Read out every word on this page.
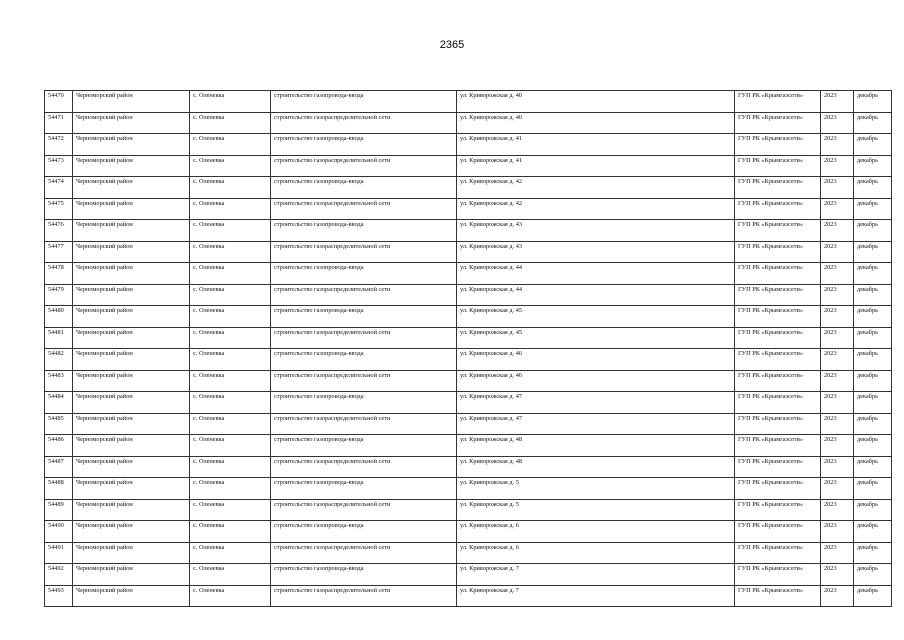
2365
54470	Черноморский район	с. Оленевка	строительство газопровода-ввода	ул. Криворожская д. 40	ГУП РК «Крымгазсети»	2023	декабрь
54471	Черноморский район	с. Оленевка	строительство газораспределительной сети	ул. Криворожская д. 40	ГУП РК «Крымгазсети»	2023	декабрь
54472	Черноморский район	с. Оленевка	строительство газопровода-ввода	ул. Криворожская д. 41	ГУП РК «Крымгазсети»	2023	декабрь
54473	Черноморский район	с. Оленевка	строительство газораспределительной сети	ул. Криворожская д. 41	ГУП РК «Крымгазсети»	2023	декабрь
54474	Черноморский район	с. Оленевка	строительство газопровода-ввода	ул. Криворожская д. 42	ГУП РК «Крымгазсети»	2023	декабрь
54475	Черноморский район	с. Оленевка	строительство газораспределительной сети	ул. Криворожская д. 42	ГУП РК «Крымгазсети»	2023	декабрь
54476	Черноморский район	с. Оленевка	строительство газопровода-ввода	ул. Криворожская д. 43	ГУП РК «Крымгазсети»	2023	декабрь
54477	Черноморский район	с. Оленевка	строительство газораспределительной сети	ул. Криворожская д. 43	ГУП РК «Крымгазсети»	2023	декабрь
54478	Черноморский район	с. Оленевка	строительство газопровода-ввода	ул. Криворожская д. 44	ГУП РК «Крымгазсети»	2023	декабрь
54479	Черноморский район	с. Оленевка	строительство газораспределительной сети	ул. Криворожская д. 44	ГУП РК «Крымгазсети»	2023	декабрь
54480	Черноморский район	с. Оленевка	строительство газопровода-ввода	ул. Криворожская д. 45	ГУП РК «Крымгазсети»	2023	декабрь
54481	Черноморский район	с. Оленевка	строительство газораспределительной сети	ул. Криворожская д. 45	ГУП РК «Крымгазсети»	2023	декабрь
54482	Черноморский район	с. Оленевка	строительство газопровода-ввода	ул. Криворожская д. 46	ГУП РК «Крымгазсети»	2023	декабрь
54483	Черноморский район	с. Оленевка	строительство газораспределительной сети	ул. Криворожская д. 46	ГУП РК «Крымгазсети»	2023	декабрь
54484	Черноморский район	с. Оленевка	строительство газопровода-ввода	ул. Криворожская д. 47	ГУП РК «Крымгазсети»	2023	декабрь
54485	Черноморский район	с. Оленевка	строительство газораспределительной сети	ул. Криворожская д. 47	ГУП РК «Крымгазсети»	2023	декабрь
54486	Черноморский район	с. Оленевка	строительство газопровода-ввода	ул. Криворожская д. 48	ГУП РК «Крымгазсети»	2023	декабрь
54487	Черноморский район	с. Оленевка	строительство газораспределительной сети	ул. Криворожская д. 48	ГУП РК «Крымгазсети»	2023	декабрь
54488	Черноморский район	с. Оленевка	строительство газопровода-ввода	ул. Криворожская д. 5	ГУП РК «Крымгазсети»	2023	декабрь
54489	Черноморский район	с. Оленевка	строительство газораспределительной сети	ул. Криворожская д. 5	ГУП РК «Крымгазсети»	2023	декабрь
54490	Черноморский район	с. Оленевка	строительство газопровода-ввода	ул. Криворожская д. 6	ГУП РК «Крымгазсети»	2023	декабрь
54491	Черноморский район	с. Оленевка	строительство газораспределительной сети	ул. Криворожская д. 6	ГУП РК «Крымгазсети»	2023	декабрь
54492	Черноморский район	с. Оленевка	строительство газопровода-ввода	ул. Криворожская д. 7	ГУП РК «Крымгазсети»	2023	декабрь
54493	Черноморский район	с. Оленевка	строительство газораспределительной сети	ул. Криворожская д. 7	ГУП РК «Крымгазсети»	2023	декабрь
